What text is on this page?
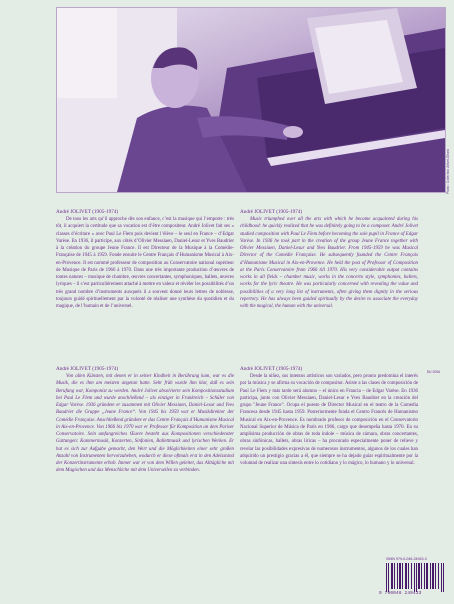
Photo : Collection Jolivet-Girard
SU 2006

André JOLIVET (1905-1974)

De tous les arts qu’il approche dès son enfance, c’est la musique qui l’emporte : très tôt, il acquiert la certitude que sa vocation est d’être compositeur. André Jolivet fait ses « classes d’écriture » avec Paul Le Flem puis devient l’élève – le seul en France – d’Edgar Varèse. En 1936, il participe, aux côtés d’Olivier Messiaen, Daniel-Lesur et Yves Baudrier à la création du groupe Jeune France. Il est Directeur de la Musique à la Comédie-Française de 1945 à 1959. Fonde ensuite le Centre Français d’Humanisme Musical à Aix-en-Provence. Il est nommé professeur de composition au Conservatoire national supérieur de Musique de Paris de 1966 à 1970. Dans une très importante production d’œuvres de toutes natures – musique de chambre, œuvres concertantes, symphoniques, ballets, œuvres lyriques – il s’est particulièrement attaché à mettre en valeur et révéler les possibilités d’un très grand nombre d’instruments auxquels il a souvent donné leurs lettres de noblesse, toujours guidé spirituellement par la volonté de réaliser une synthèse du quotidien et du magique, de l’humain et de l’universel.

André JOLIVET (1905-1974)

Music triumphed over all the arts with which he became acquainted during his childhood: he quickly realized that he was definitely going to be a composer. André Jolivet studied composition with Paul Le Flem before becoming the sole pupil in France of Edgar Varèse. In 1936 he took part in the creation of the group Jeune France together with Olivier Messiaen, Daniel-Lesur and Yves Baudrier. From 1945-1959 he was Musical Director of the Comédie Française. He subsequently founded the Centre Français d’Humanisme Musical in Aix-en-Provence. He held the post of Professor of Composition at the Paris Conservatoire from 1966 till 1970. His very considerable output contains works in all fields – chamber music, works in the concerto style, symphonies, ballets, works for the lyric theatre. He was particularly concerned with revealing the value and possibilities of a very long list of instruments, often giving them dignity in the serious repertory. He has always been guided spiritually by the desire to associate the everyday with the magical, the human with the universal.

André JOLIVET (1905-1974)

Von allen Künsten, mit denen er in seiner Kindheit in Berührung kam, war es die Musik, die es ihm am meisten angetan hatte. Sehr früh wurde ihm klar, daß es sein Berufung war, Komponist zu werden. André Jolivet absolvierte sein Kompositionsstudium bei Paul Le Flem und wurde anschließend – als einziger in Frankreich – Schüler von Edgar Varèse. 1936 gründete er zusammen mit Olivier Messiaen, Daniel-Lesur und Yves Baudrier die Gruppe „Jeune France“. Von 1945 bis 1959 war er Musikdirektor der Comédie Française. Anschließend gründete er das Centre Français d’Humanisme Musical in Aix-en-Provence. Von 1966 bis 1970 war er Professor für Komposition an dem Pariser Conservatoire. Sein umfangreiches Œuvre besteht aus Kompositionen verschiedenster Gattungen: Kammermusik, Konzerten, Sinfonien, Ballettmusik und lyrischen Werken. Er hat es sich zur Aufgabe gemacht, den Wert und die Möglichkeiten einer sehr großen Anzahl von Instrumenten hervorzuheben, wodurch er diese oftmals erst in den Adelsstand der Konzertinstrumente erhob. Immer war er von dem Willen geleitet, das Alltägliche mit dem Magischen und das Menschliche mit dem Universellen zu verbinden.

André JOLIVET (1905-1974)

Desde la niñez, sus intentos artísticos son variados, pero pronto predomina el interés por la música y se afirma su vocación de compositor. Asiste a las clases de composición de Paul Le Flem y más tarde será alumno – el único en Francia – de Edgar Varèse. En 1936 participa, junto con Olivier Messiaen, Daniel-Lesur e Yves Baudrier en la creación del grupo "Jeune France". Ocupa el puesto de Director Musical en el teatro de la Comedia Francesa desde 1945 hasta 1959. Posteriormente funda el Centro Francés de Humanismo Musical en Aix-en-Provence. Es nombrado profesor de composición en el Conservatorio Nacional Superior de Música de París en 1966, cargo que desempeña hasta 1970. En su amplísima producción de obras de toda índole – música de cámara, obras concertantes, obras sinfónicas, ballets, obras líricas – ha procurado especialmente poner de relieve y revelar las posibilidades expresivas de numerosos instrumentos, algunos de los cuales han adquirido un prestigio gracias a él, que siempre se ha dejado guiar espiritualmente por la voluntad de realizar una síntesis entre lo cotidiano y lo mágico, lo humano y lo universal.

ISMN 979-0-046-24943-3
9 790046 249433
